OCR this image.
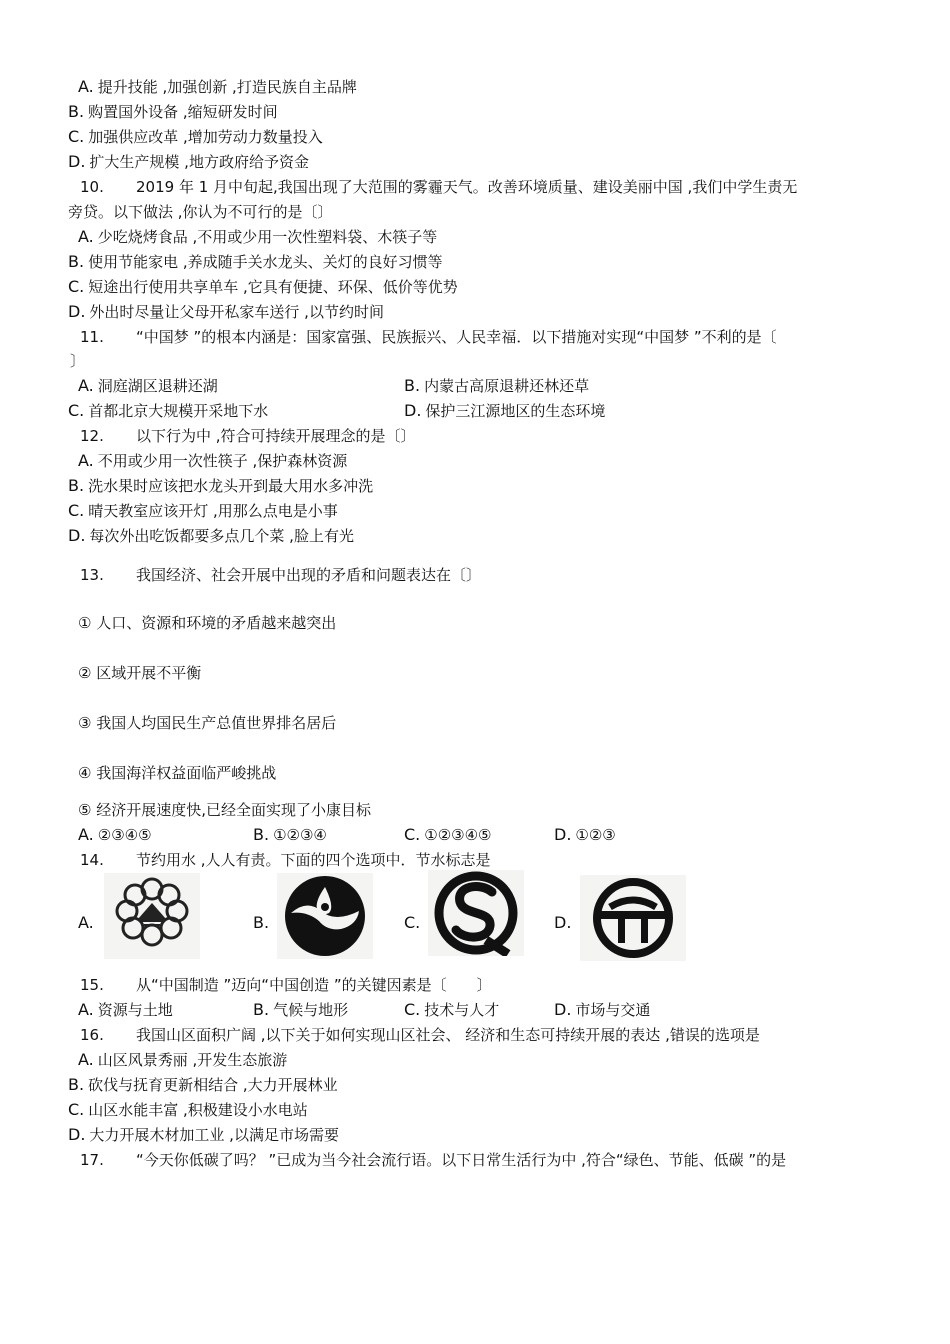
A. 提升技能 ,加强创新 ,打造民族自主品牌
B. 购置国外设备 ,缩短研发时间
C. 加强供应改革 ,增加劳动力数量投入
D. 扩大生产规模 ,地方政府给予资金
10. 2019 年 1 月中旬起,我国出现了大范围的雾霾天气。改善环境质量、建设美丽中国 ,我们中学生责无
旁贷。以下做法 ,你认为不可行的是〔〕
A. 少吃烧烤食品 ,不用或少用一次性塑料袋、木筷子等
B. 使用节能家电 ,养成随手关水龙头、关灯的良好习惯等
C. 短途出行使用共享单车 ,它具有便捷、环保、低价等优势
D. 外出时尽量让父母开私家车送行 ,以节约时间
11. “中国梦 ”的根本内涵是：国家富强、民族振兴、人民幸福．以下措施对实现“中国梦 ”不利的是〔
〕
A. 洞庭湖区退耕还湖	B. 内蒙古高原退耕还林还草
C. 首都北京大规模开采地下水	D. 保护三江源地区的生态环境
12. 以下行为中 ,符合可持续开展理念的是〔〕
A. 不用或少用一次性筷子 ,保护森林资源
B. 洗水果时应该把水龙头开到最大用水多冲洗
C. 晴天教室应该开灯 ,用那么点电是小事
D. 每次外出吃饭都要多点几个菜 ,脸上有光
13. 我国经济、社会开展中出现的矛盾和问题表达在〔〕
① 人口、资源和环境的矛盾越来越突出
② 区域开展不平衡
③ 我国人均国民生产总值世界排名居后
④ 我国海洋权益面临严峻挑战
⑤ 经济开展速度快,已经全面实现了小康目标
A. ②③④⑤	B. ①②③④	C. ①②③④⑤	D. ①②③
14. 节约用水 ,人人有责。下面的四个选项中．节水标志是
A.	B.	C.	D.
15. 从“中国制造 ”迈向“中国创造 ”的关键因素是〔　　〕
A. 资源与土地	B. 气候与地形	C. 技术与人才	D. 市场与交通
16. 我国山区面积广阔 ,以下关于如何实现山区社会、 经济和生态可持续开展的表达 ,错误的选项是
A. 山区风景秀丽 ,开发生态旅游
B. 砍伐与抚育更新相结合 ,大力开展林业
C. 山区水能丰富 ,积极建设小水电站
D. 大力开展木材加工业 ,以满足市场需要
17. “今天你低碳了吗？ ”已成为当今社会流行语。以下日常生活行为中 ,符合“绿色、节能、低碳 ”的是
